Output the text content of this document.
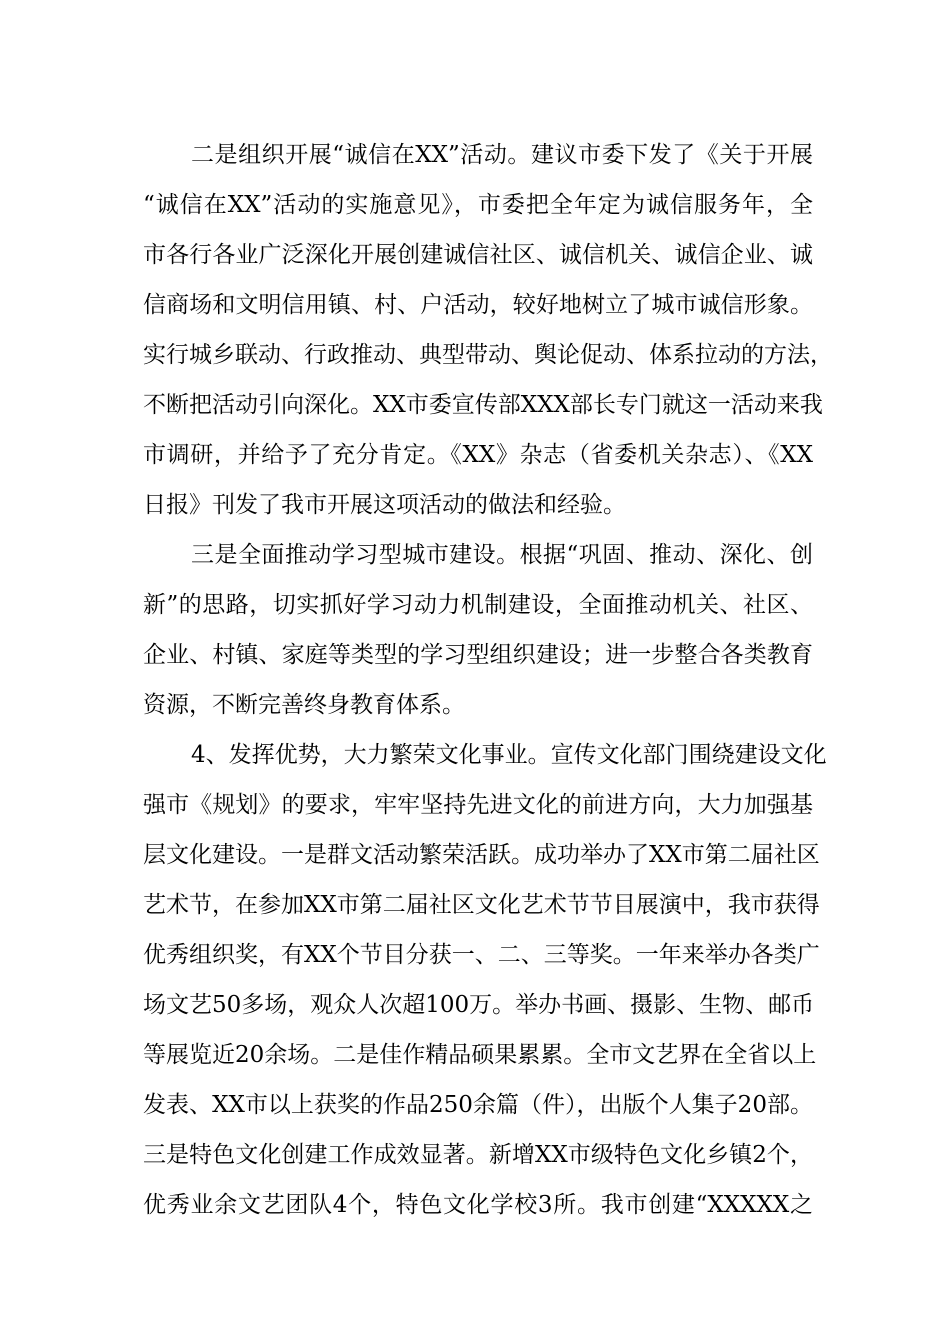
二是组织开展“诚信在XX”活动。建议市委下发了《关于开展
“诚信在XX”活动的实施意见》，市委把全年定为诚信服务年，全
市各行各业广泛深化开展创建诚信社区、诚信机关、诚信企业、诚
信商场和文明信用镇、村、户活动，较好地树立了城市诚信形象。
实行城乡联动、行政推动、典型带动、舆论促动、体系拉动的方法，
不断把活动引向深化。XX市委宣传部XXX部长专门就这一活动来我
市调研，并给予了充分肯定。《XX》杂志（省委机关杂志）、《XX
日报》刊发了我市开展这项活动的做法和经验。
三是全面推动学习型城市建设。根据“巩固、推动、深化、创
新”的思路，切实抓好学习动力机制建设，全面推动机关、社区、
企业、村镇、家庭等类型的学习型组织建设；进一步整合各类教育
资源，不断完善终身教育体系。
4、发挥优势，大力繁荣文化事业。宣传文化部门围绕建设文化
强市《规划》的要求，牢牢坚持先进文化的前进方向，大力加强基
层文化建设。一是群文活动繁荣活跃。成功举办了XX市第二届社区
艺术节，在参加XX市第二届社区文化艺术节节目展演中，我市获得
优秀组织奖，有XX个节目分获一、二、三等奖。一年来举办各类广
场文艺50多场，观众人次超100万。举办书画、摄影、生物、邮币
等展览近20余场。二是佳作精品硕果累累。全市文艺界在全省以上
发表、XX市以上获奖的作品250余篇（件），出版个人集子20部。
三是特色文化创建工作成效显著。新增XX市级特色文化乡镇2个，
优秀业余文艺团队4个，特色文化学校3所。我市创建“XXXXX之
